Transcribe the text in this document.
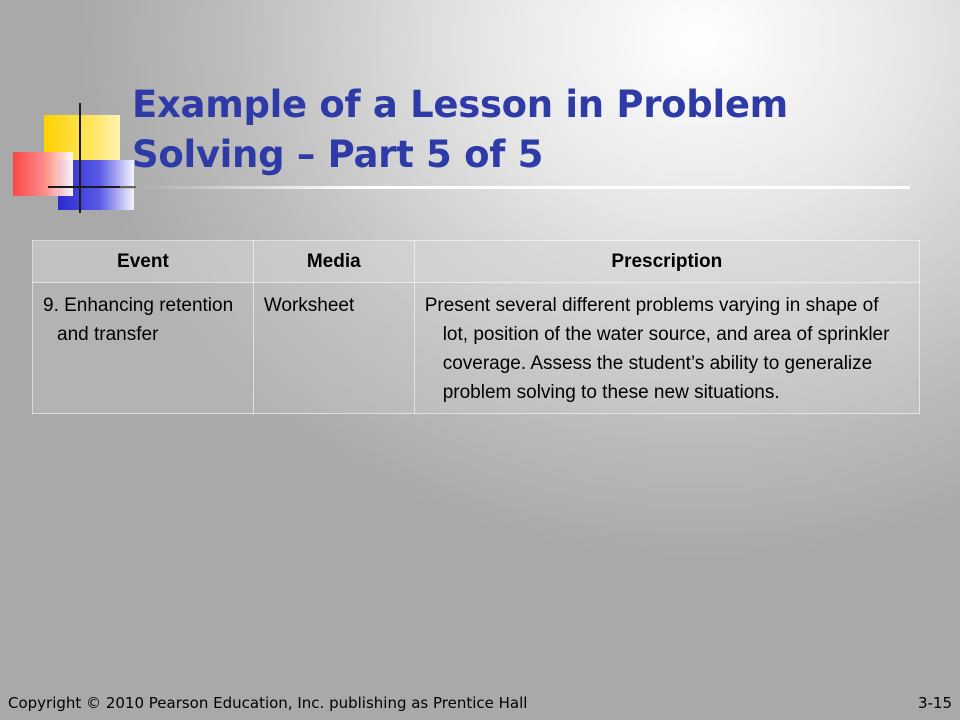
Example of a Lesson in Problem Solving – Part 5 of 5
Event	Media	Prescription
9. Enhancing retention and transfer	Worksheet	Present several different problems varying in shape of lot, position of the water source, and area of sprinkler coverage. Assess the student’s ability to generalize problem solving to these new situations.
Copyright © 2010 Pearson Education, Inc. publishing as Prentice Hall	3-15
